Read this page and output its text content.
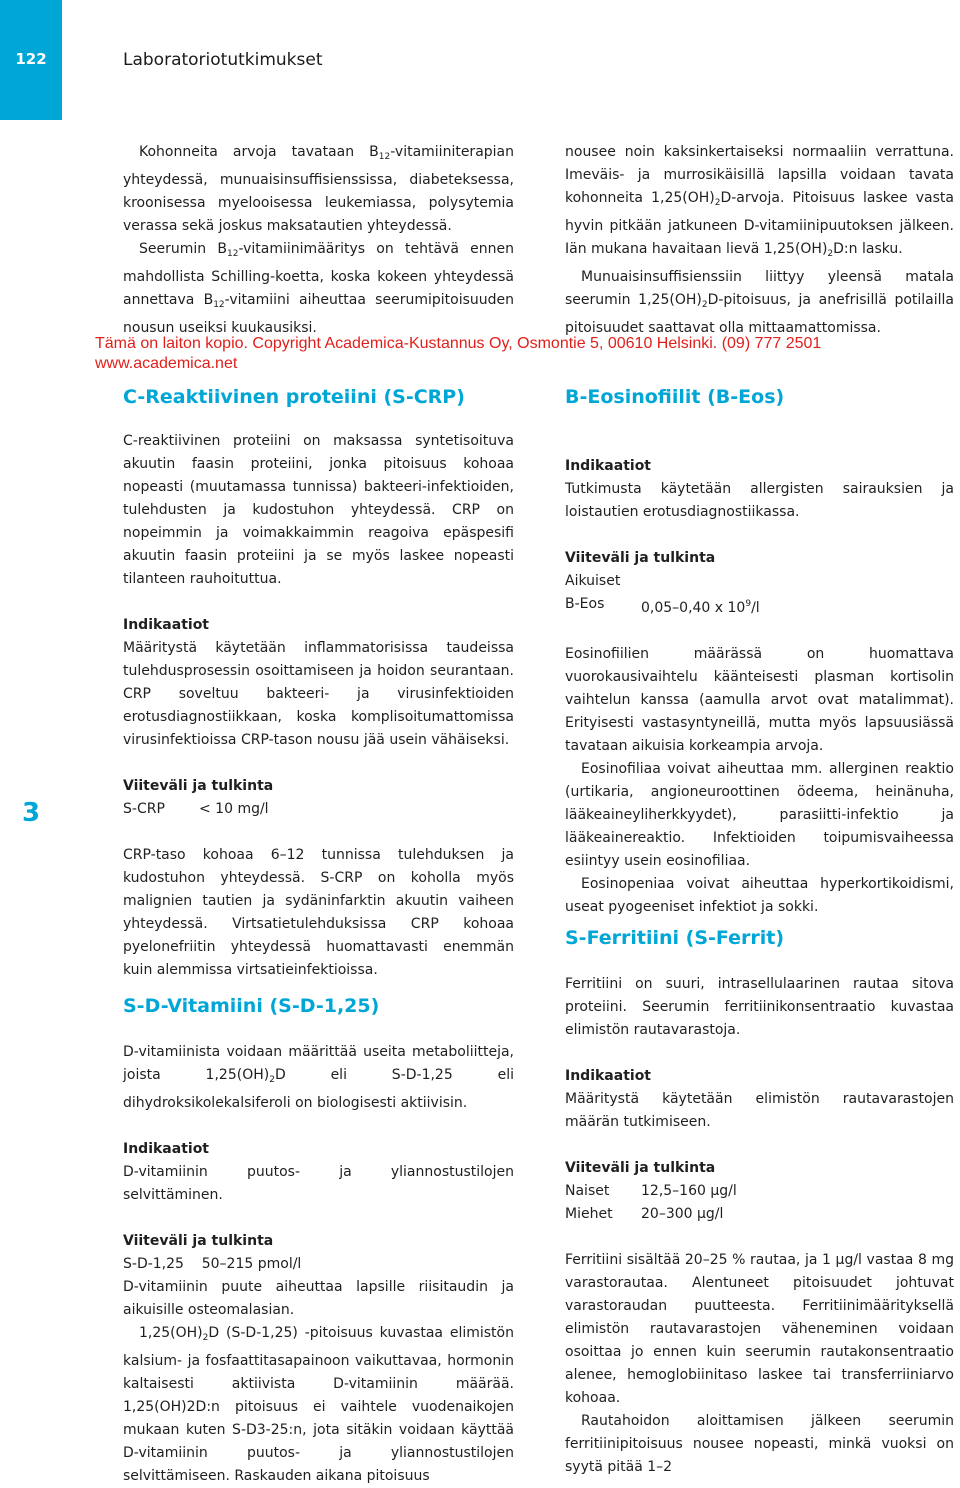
122
3
Laboratoriotutkimukset

Kohonneita arvoja tavataan $B_{12}$-vitamiiniterapian yhteydessä, munuaisinsuffisienssissa, diabeteksessa, kroonisessa myelooisessa leukemiassa, polysytemia verassa sekä joskus maksatautien yhteydessä.

Seerumin $B_{12}$-vitamiinimääritys on tehtävä ennen mahdollista Schilling-koetta, koska kokeen yhteydessä annettava $B_{12}$-vitamiini aiheuttaa seerumipitoisuuden nousun useiksi kuukausiksi.

nousee noin kaksinkertaiseksi normaaliin verrattuna. Imeväis- ja murrosikäisillä lapsilla voidaan tavata kohonneita $1,25(OH)_2D$-arvoja. Pitoisuus laskee vasta hyvin pitkään jatkuneen D-vitamiinipuutoksen jälkeen. Iän mukana havaitaan lievä $1,25(OH)_2D:n$ lasku.

Munuaisinsuffisienssiin liittyy yleensä matala seerumin $1,25(OH)_2D$-pitoisuus, ja anefrisillä potilailla pitoisuudet saattavat olla mittaamattomissa.

Tämä on laiton kopio. Copyright Academica-Kustannus Oy, Osmontie 5, 00610 Helsinki. (09) 777 2501
www.academica.net
C-Reaktiivinen proteiini (S-CRP)

C-reaktiivinen proteiini on maksassa syntetisoituva akuutin faasin proteiini, jonka pitoisuus kohoaa nopeasti (muutamassa tunnissa) bakteeri-infektioiden, tulehdusten ja kudostuhon yhteydessä. CRP on nopeimmin ja voimakkaimmin reagoiva epäspesifi akuutin faasin proteiini ja se myös laskee nopeasti tilanteen rauhoituttua.

Indikaatiot

Määritystä käytetään inflammatorisissa taudeissa tulehdusprosessin osoittamiseen ja hoidon seurantaan. CRP soveltuu bakteeri- ja virusinfektioiden erotusdiagnostiikkaan, koska komplisoitumattomissa virusinfektioissa CRP-tason nousu jää usein vähäiseksi.

Viiteväli ja tulkinta
S-CRP	< 10 mg/l

CRP-taso kohoaa 6–12 tunnissa tulehduksen ja kudostuhon yhteydessä. S-CRP on koholla myös malignien tautien ja sydäninfarktin akuutin vaiheen yhteydessä. Virtsatietulehduksissa CRP kohoaa pyelonefriitin yhteydessä huomattavasti enemmän kuin alemmissa virtsatieinfektioissa.

S-D-Vitamiini (S-D-1,25)

D-vitamiinista voidaan määrittää useita metaboliitteja, joista $1,25(OH)_2D$ eli S-D-1,25 eli dihydroksikolekalsiferoli on biologisesti aktiivisin.

Indikaatiot

D-vitamiinin puutos- ja yliannostustilojen selvittäminen.

Viiteväli ja tulkinta
S-D-1,25    50–215 pmol/l

D-vitamiinin puute aiheuttaa lapsille riisitaudin ja aikuisille osteomalasian.

$1,25(OH)_2D$ (S-D-1,25) -pitoisuus kuvastaa elimistön kalsium- ja fosfaattitasapainoon vaikuttavaa, hormonin kaltaisesti aktiivista D-vitamiinin määrää. 1,25(OH)2D:n pitoisuus ei vaihtele vuodenaikojen mukaan kuten S-D3-25:n, jota sitäkin voidaan käyttää D-vitamiinin puutos- ja yliannostustilojen selvittämiseen. Raskauden aikana pitoisuus

B-Eosinofiilit (B-Eos)
Indikaatiot

Tutkimusta käytetään allergisten sairauksien ja loistautien erotusdiagnostiikassa.

Viiteväli ja tulkinta
Aikuiset
B-Eos	0,05–0,40 x $10^9/l$

Eosinofiilien määrässä on huomattava vuorokausivaihtelu käänteisesti plasman kortisolin vaihtelun kanssa (aamulla arvot ovat matalimmat). Erityisesti vastasyntyneillä, mutta myös lapsuusiässä tavataan aikuisia korkeampia arvoja.

Eosinofiliaa voivat aiheuttaa mm. allerginen reaktio (urtikaria, angioneuroottinen ödeema, heinänuha, lääkeaineyliherkkyydet), parasiitti-infektio ja lääkeainereaktio. Infektioiden toipumisvaiheessa esiintyy usein eosinofiliaa.

Eosinopeniaa voivat aiheuttaa hyperkortikoidismi, useat pyogeeniset infektiot ja sokki.

S-Ferritiini (S-Ferrit)

Ferritiini on suuri, intrasellulaarinen rautaa sitova proteiini. Seerumin ferritiinikonsentraatio kuvastaa elimistön rautavarastoja.

Indikaatiot

Määritystä käytetään elimistön rautavarastojen määrän tutkimiseen.

Viiteväli ja tulkinta
Naiset	12,5–160 μg/l
Miehet	20–300 μg/l

Ferritiini sisältää 20–25 % rautaa, ja 1 μg/l vastaa 8 mg varastorautaa. Alentuneet pitoisuudet johtuvat varastoraudan puutteesta. Ferritiinimäärityksellä elimistön rautavarastojen väheneminen voidaan osoittaa jo ennen kuin seerumin rautakonsentraatio alenee, hemoglobiinitaso laskee tai transferriiniarvo kohoaa.

Rautahoidon aloittamisen jälkeen seerumin ferritiinipitoisuus nousee nopeasti, minkä vuoksi on syytä pitää 1–2
